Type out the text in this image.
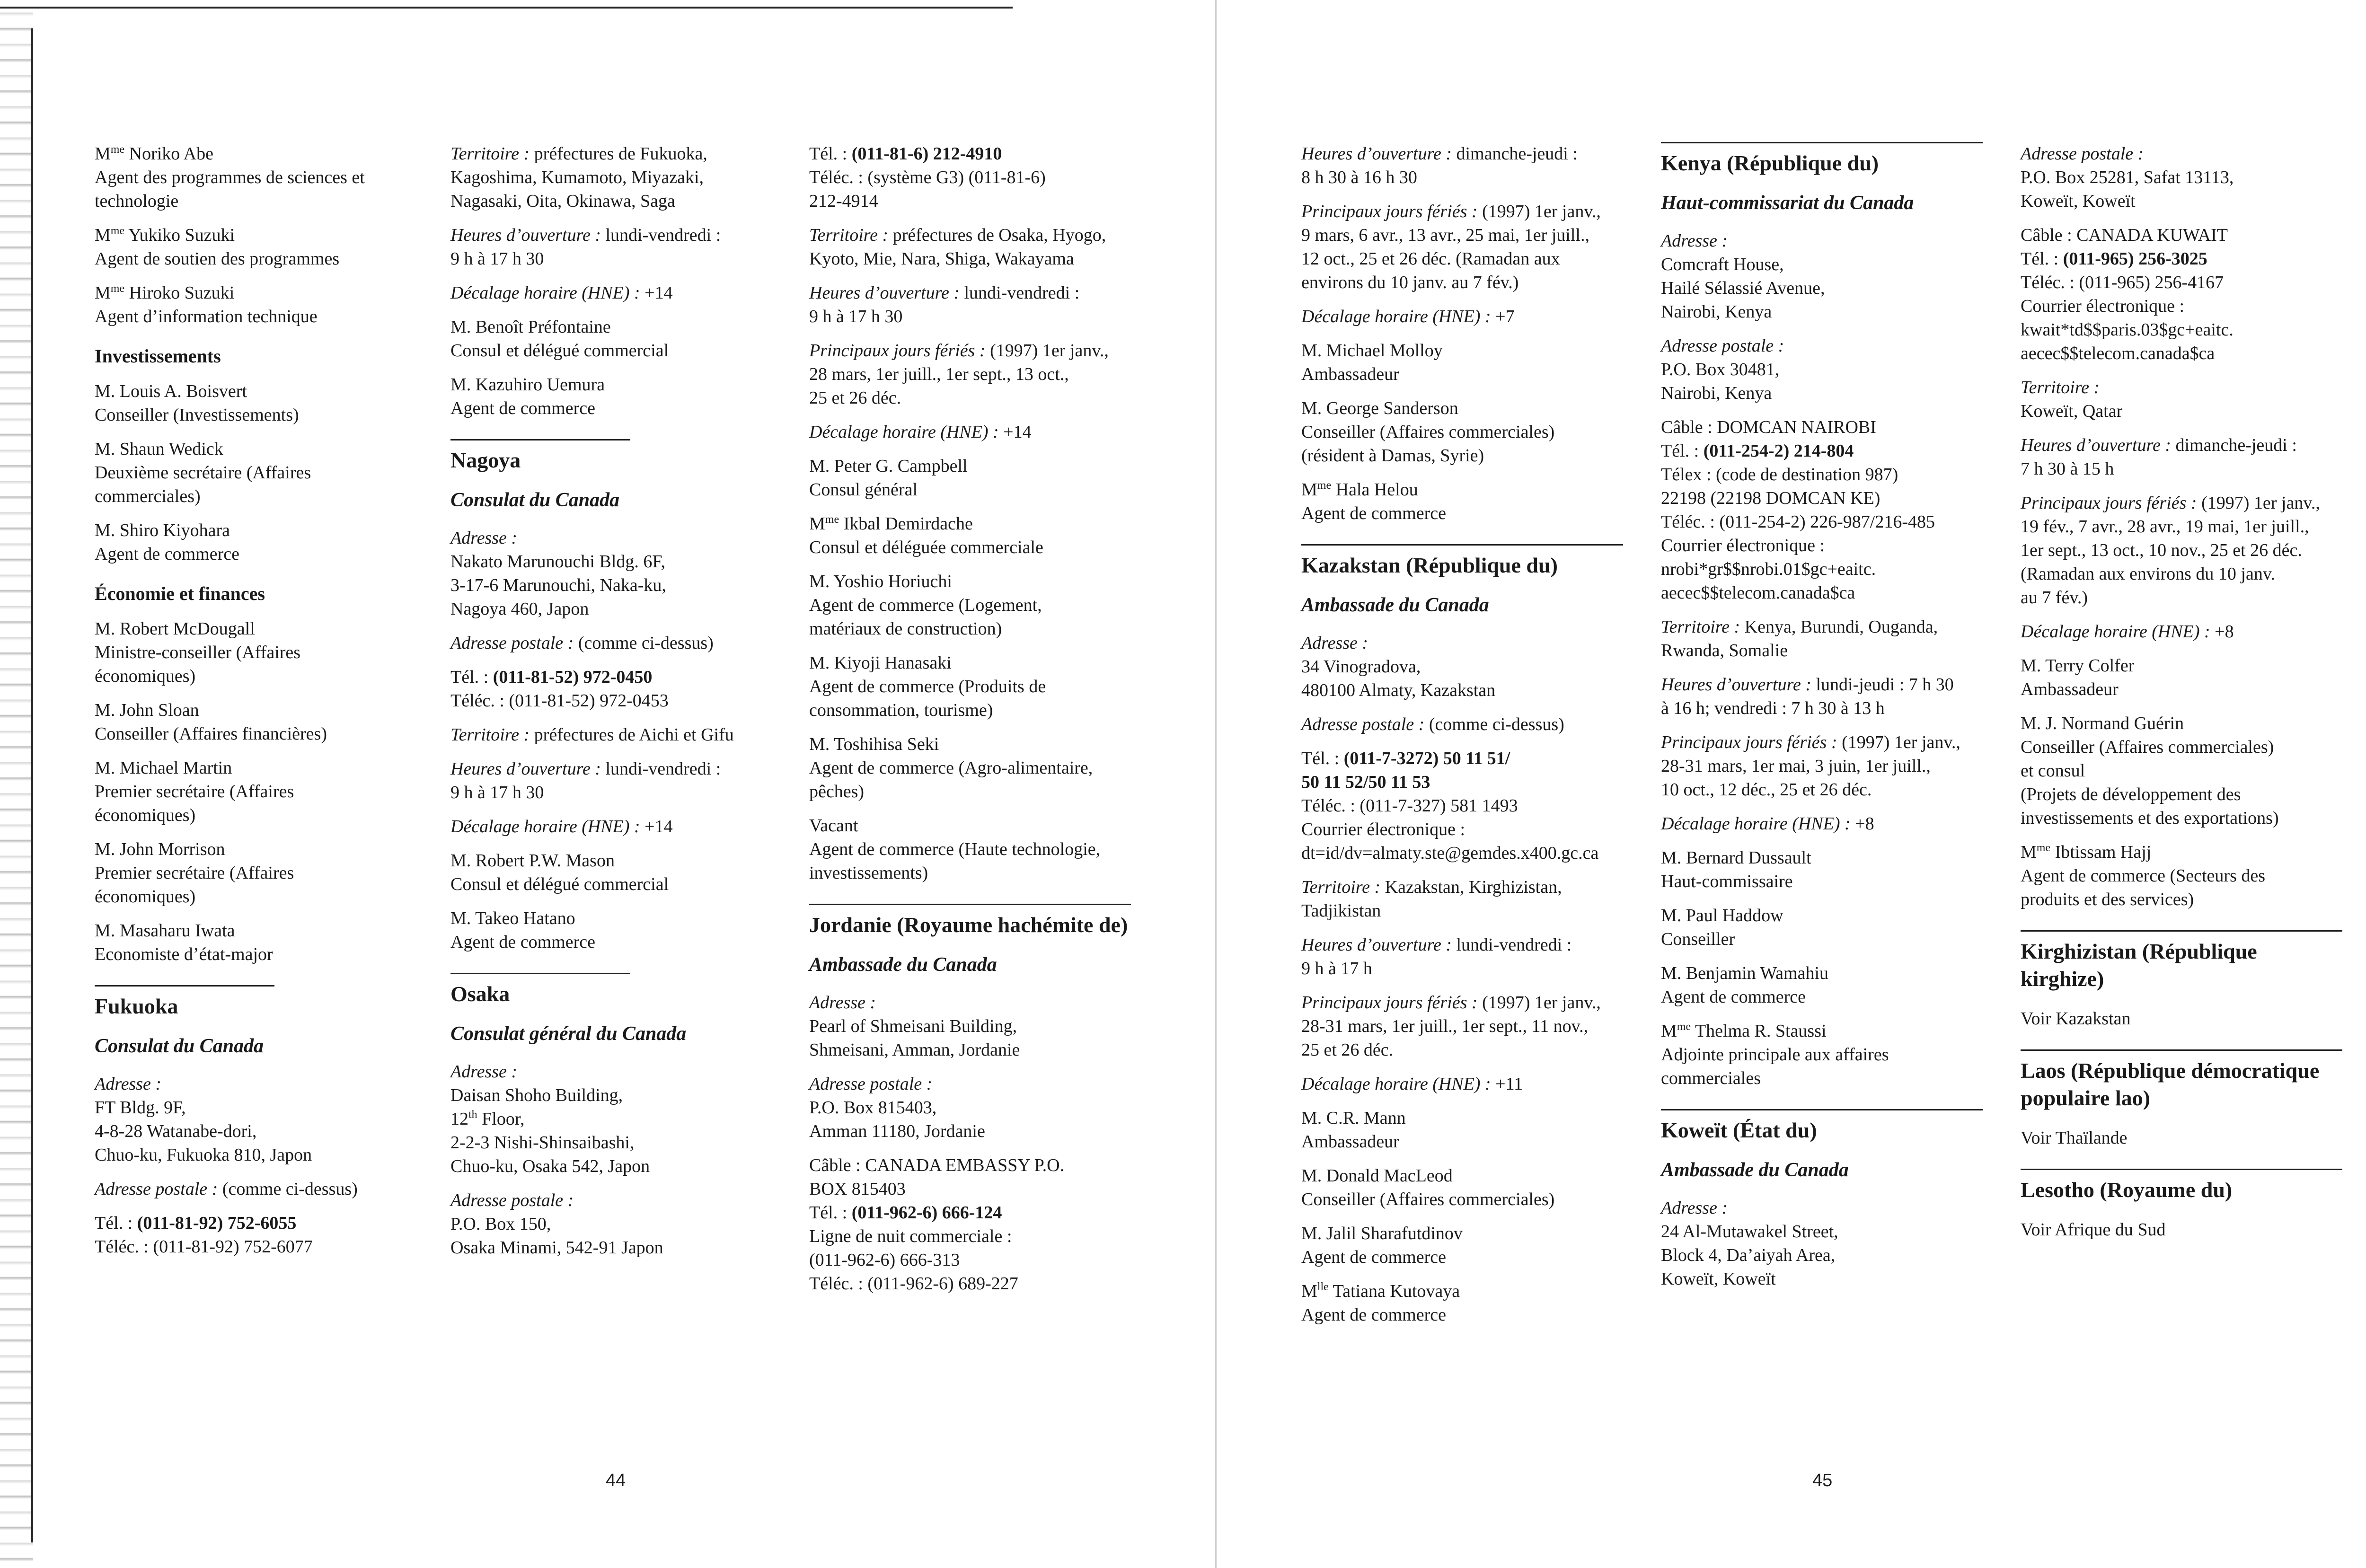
$M^{me}$ Noriko Abe
Agent des programmes de sciences et
technologie
$M^{me}$ Yukiko Suzuki
Agent de soutien des programmes
$M^{me}$ Hiroko Suzuki
Agent d’information technique
Investissements
M. Louis A. Boisvert
Conseiller (Investissements)
M. Shaun Wedick
Deuxième secrétaire (Affaires
commerciales)
M. Shiro Kiyohara
Agent de commerce
Économie et finances
M. Robert McDougall
Ministre-conseiller (Affaires
économiques)
M. John Sloan
Conseiller (Affaires financières)
M. Michael Martin
Premier secrétaire (Affaires
économiques)
M. John Morrison
Premier secrétaire (Affaires
économiques)
M. Masaharu Iwata
Economiste d’état-major
Fukuoka
Consulat du Canada
Adresse :
FT Bldg. 9F,
4-8-28 Watanabe-dori,
Chuo-ku, Fukuoka 810, Japon
Adresse postale : (comme ci-dessus)
Tél. : (011-81-92) 752-6055
Téléc. : (011-81-92) 752-6077
Territoire : préfectures de Fukuoka,
Kagoshima, Kumamoto, Miyazaki,
Nagasaki, Oita, Okinawa, Saga
Heures d’ouverture : lundi-vendredi :
9 h à 17 h 30
Décalage horaire (HNE) : +14
M. Benoît Préfontaine
Consul et délégué commercial
M. Kazuhiro Uemura
Agent de commerce
Nagoya
Consulat du Canada
Adresse :
Nakato Marunouchi Bldg. 6F,
3-17-6 Marunouchi, Naka-ku,
Nagoya 460, Japon
Adresse postale : (comme ci-dessus)
Tél. : (011-81-52) 972-0450
Téléc. : (011-81-52) 972-0453
Territoire : préfectures de Aichi et Gifu
Heures d’ouverture : lundi-vendredi :
9 h à 17 h 30
Décalage horaire (HNE) : +14
M. Robert P.W. Mason
Consul et délégué commercial
M. Takeo Hatano
Agent de commerce
Osaka
Consulat général du Canada
Adresse :
Daisan Shoho Building,
12th Floor,
2-2-3 Nishi-Shinsaibashi,
Chuo-ku, Osaka 542, Japon
Adresse postale :
P.O. Box 150,
Osaka Minami, 542-91 Japon
Tél. : (011-81-6) 212-4910
Téléc. : (système G3) (011-81-6)
212-4914
Territoire : préfectures de Osaka, Hyogo,
Kyoto, Mie, Nara, Shiga, Wakayama
Heures d’ouverture : lundi-vendredi :
9 h à 17 h 30
Principaux jours fériés : (1997) 1er janv.,
28 mars, 1er juill., 1er sept., 13 oct.,
25 et 26 déc.
Décalage horaire (HNE) : +14
M. Peter G. Campbell
Consul général
$M^{me}$ Ikbal Demirdache
Consul et déléguée commerciale
M. Yoshio Horiuchi
Agent de commerce (Logement,
matériaux de construction)
M. Kiyoji Hanasaki
Agent de commerce (Produits de
consommation, tourisme)
M. Toshihisa Seki
Agent de commerce (Agro-alimentaire,
pêches)
Vacant
Agent de commerce (Haute technologie,
investissements)
Jordanie (Royaume hachémite de)
Ambassade du Canada
Adresse :
Pearl of Shmeisani Building,
Shmeisani, Amman, Jordanie
Adresse postale :
P.O. Box 815403,
Amman 11180, Jordanie
Câble : CANADA EMBASSY P.O.
BOX 815403
Tél. : (011-962-6) 666-124
Ligne de nuit commerciale :
(011-962-6) 666-313
Téléc. : (011-962-6) 689-227
44
Heures d’ouverture : dimanche-jeudi :
8 h 30 à 16 h 30
Principaux jours fériés : (1997) 1er janv.,
9 mars, 6 avr., 13 avr., 25 mai, 1er juill.,
12 oct., 25 et 26 déc. (Ramadan aux
environs du 10 janv. au 7 fév.)
Décalage horaire (HNE) : +7
M. Michael Molloy
Ambassadeur
M. George Sanderson
Conseiller (Affaires commerciales)
(résident à Damas, Syrie)
$M^{me}$ Hala Helou
Agent de commerce
Kazakstan (République du)
Ambassade du Canada
Adresse :
34 Vinogradova,
480100 Almaty, Kazakstan
Adresse postale : (comme ci-dessus)
Tél. : (011-7-3272) 50 11 51/
50 11 52/50 11 53
Téléc. : (011-7-327) 581 1493
Courrier électronique :
dt=id/dv=almaty.ste@gemdes.x400.gc.ca
Territoire : Kazakstan, Kirghizistan,
Tadjikistan
Heures d’ouverture : lundi-vendredi :
9 h à 17 h
Principaux jours fériés : (1997) 1er janv.,
28-31 mars, 1er juill., 1er sept., 11 nov.,
25 et 26 déc.
Décalage horaire (HNE) : +11
M. C.R. Mann
Ambassadeur
M. Donald MacLeod
Conseiller (Affaires commerciales)
M. Jalil Sharafutdinov
Agent de commerce
$M^{lle}$ Tatiana Kutovaya
Agent de commerce
Kenya (République du)
Haut-commissariat du Canada
Adresse :
Comcraft House,
Hailé Sélassié Avenue,
Nairobi, Kenya
Adresse postale :
P.O. Box 30481,
Nairobi, Kenya
Câble : DOMCAN NAIROBI
Tél. : (011-254-2) 214-804
Télex : (code de destination 987)
22198 (22198 DOMCAN KE)
Téléc. : (011-254-2) 226-987/216-485
Courrier électronique :
nrobi*gr$$nrobi.01$gc+eaitc.
aecec$$telecom.canada$ca
Territoire : Kenya, Burundi, Ouganda,
Rwanda, Somalie
Heures d’ouverture : lundi-jeudi : 7 h 30
à 16 h; vendredi : 7 h 30 à 13 h
Principaux jours fériés : (1997) 1er janv.,
28-31 mars, 1er mai, 3 juin, 1er juill.,
10 oct., 12 déc., 25 et 26 déc.
Décalage horaire (HNE) : +8
M. Bernard Dussault
Haut-commissaire
M. Paul Haddow
Conseiller
M. Benjamin Wamahiu
Agent de commerce
$M^{me}$ Thelma R. Staussi
Adjointe principale aux affaires
commerciales
Koweït (État du)
Ambassade du Canada
Adresse :
24 Al-Mutawakel Street,
Block 4, Da’aiyah Area,
Koweït, Koweït
Adresse postale :
P.O. Box 25281, Safat 13113,
Koweït, Koweït
Câble : CANADA KUWAIT
Tél. : (011-965) 256-3025
Téléc. : (011-965) 256-4167
Courrier électronique :
kwait*td$$paris.03$gc+eaitc.
aecec$$telecom.canada$ca
Territoire :
Koweït, Qatar
Heures d’ouverture : dimanche-jeudi :
7 h 30 à 15 h
Principaux jours fériés : (1997) 1er janv.,
19 fév., 7 avr., 28 avr., 19 mai, 1er juill.,
1er sept., 13 oct., 10 nov., 25 et 26 déc.
(Ramadan aux environs du 10 janv.
au 7 fév.)
Décalage horaire (HNE) : +8
M. Terry Colfer
Ambassadeur
M. J. Normand Guérin
Conseiller (Affaires commerciales)
et consul
(Projets de développement des
investissements et des exportations)
$M^{me}$ Ibtissam Hajj
Agent de commerce (Secteurs des
produits et des services)
Kirghizistan (République
kirghize)
Voir Kazakstan
Laos (République démocratique
populaire lao)
Voir Thaïlande
Lesotho (Royaume du)
Voir Afrique du Sud
45
